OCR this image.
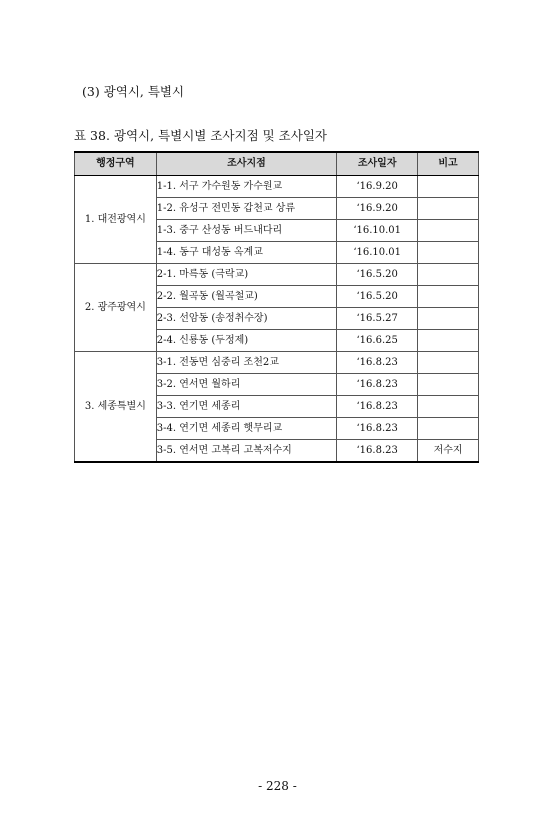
(3) 광역시, 특별시
표 38. 광역시, 특별시별 조사지점 및 조사일자
행정구역	조사지점	조사일자	비고
1. 대전광역시	1-1. 서구 가수원동 가수원교	‘16.9.20	
	1-2. 유성구 전민동 갑천교 상류	‘16.9.20	
	1-3. 중구 산성동 버드내다리	‘16.10.01	
	1-4. 동구 대성동 옥계교	‘16.10.01	
2. 광주광역시	2-1. 마륵동 (극락교)	‘16.5.20	
	2-2. 월곡동 (월곡철교)	‘16.5.20	
	2-3. 선암동 (송정취수장)	‘16.5.27	
	2-4. 신룡동 (두정제)	‘16.6.25	
3. 세종특별시	3-1. 전동면 심중리 조천2교	‘16.8.23	
	3-2. 연서면 월하리	‘16.8.23	
	3-3. 연기면 세종리	‘16.8.23	
	3-4. 연기면 세종리 햇무리교	‘16.8.23	
	3-5. 연서면 고복리 고복저수지	‘16.8.23	저수지
- 228 -
